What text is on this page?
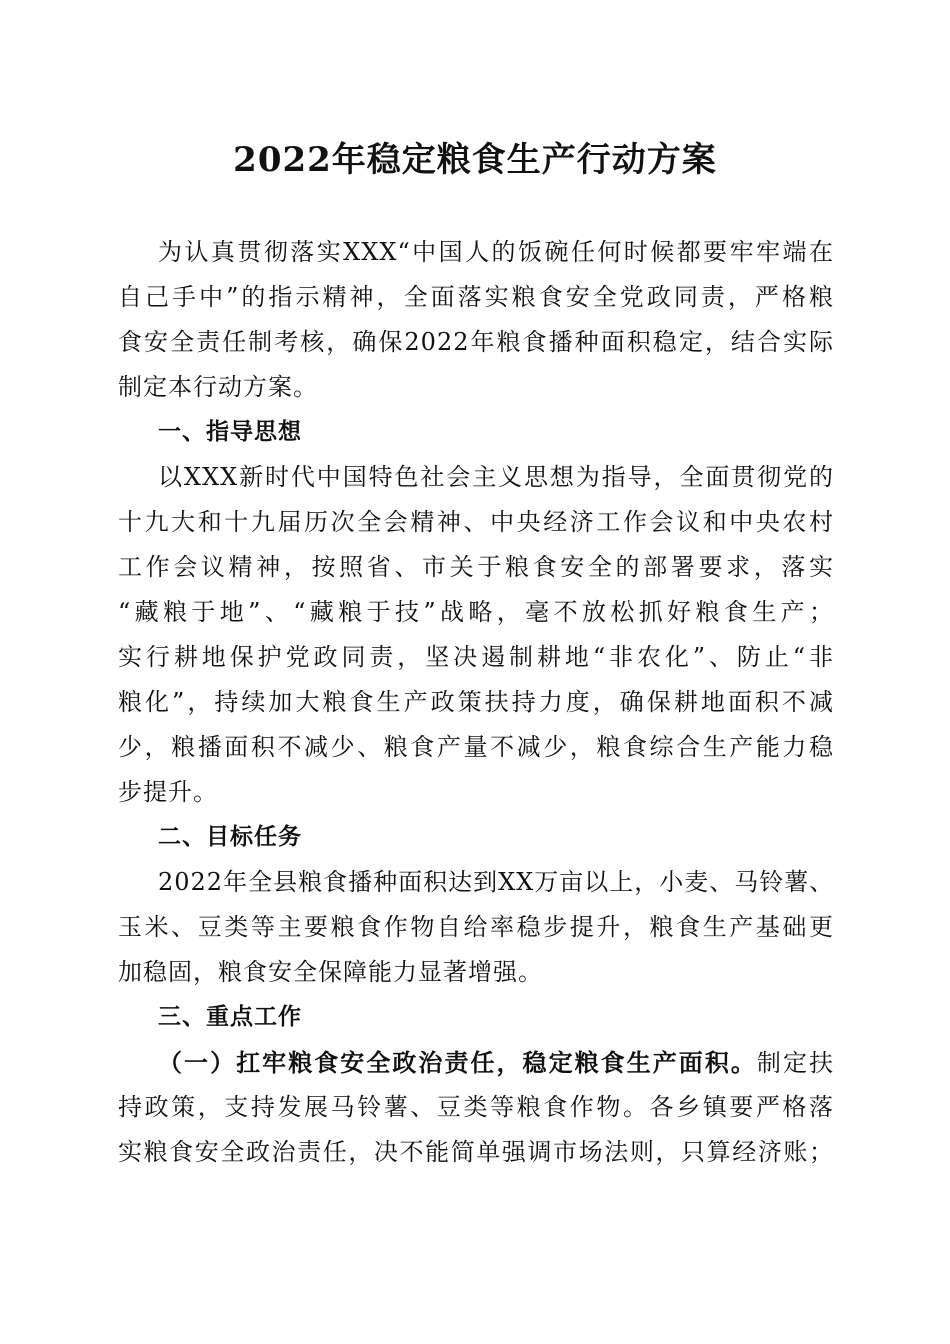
2022年稳定粮食生产行动方案
为认真贯彻落实XXX“中国人的饭碗任何时候都要牢牢端在
自己手中”的指示精神，全面落实粮食安全党政同责，严格粮
食安全责任制考核，确保2022年粮食播种面积稳定，结合实际
制定本行动方案。
一、指导思想
以XXX新时代中国特色社会主义思想为指导，全面贯彻党的
十九大和十九届历次全会精神、中央经济工作会议和中央农村
工作会议精神，按照省、市关于粮食安全的部署要求，落实
“藏粮于地”、“藏粮于技”战略，毫不放松抓好粮食生产；
实行耕地保护党政同责，坚决遏制耕地“非农化”、防止“非
粮化”，持续加大粮食生产政策扶持力度，确保耕地面积不减
少，粮播面积不减少、粮食产量不减少，粮食综合生产能力稳
步提升。
二、目标任务
2022年全县粮食播种面积达到XX万亩以上，小麦、马铃薯、
玉米、豆类等主要粮食作物自给率稳步提升，粮食生产基础更
加稳固，粮食安全保障能力显著增强。
三、重点工作
（一）扛牢粮食安全政治责任，稳定粮食生产面积。制定扶
持政策，支持发展马铃薯、豆类等粮食作物。各乡镇要严格落
实粮食安全政治责任，决不能简单强调市场法则，只算经济账；
